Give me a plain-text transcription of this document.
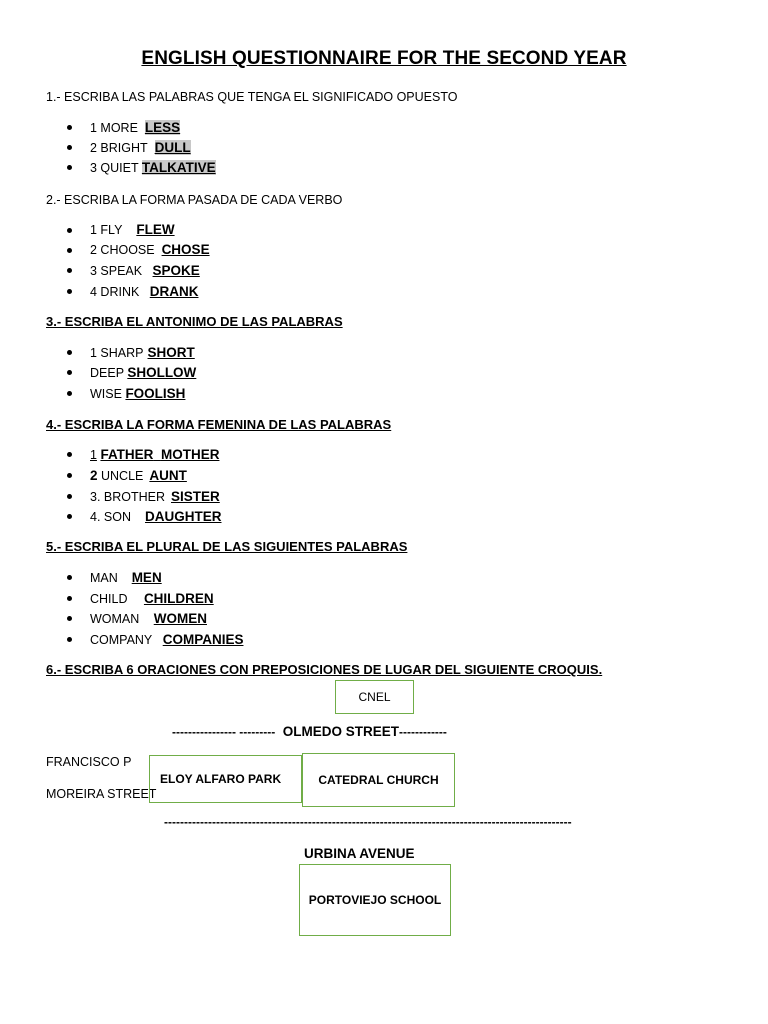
ENGLISH QUESTIONNAIRE FOR THE SECOND YEAR
1.- ESCRIBA LAS PALABRAS QUE TENGA EL SIGNIFICADO OPUESTO
1 MORE LESS
2 BRIGHT DULL
3 QUIET TALKATIVE
2.- ESCRIBA LA FORMA PASADA DE CADA VERBO
1 FLY FLEW
2 CHOOSE CHOSE
3 SPEAK SPOKE
4 DRINK DRANK
3.- ESCRIBA EL ANTONIMO DE LAS PALABRAS
1 SHARP SHORT
DEEP SHOLLOW
WISE FOOLISH
4.- ESCRIBA LA FORMA FEMENINA DE LAS PALABRAS
1 FATHER MOTHER
2 UNCLE AUNT
3. BROTHER SISTER
4. SON DAUGHTER
5.- ESCRIBA EL PLURAL DE LAS SIGUIENTES PALABRAS
MAN MEN
CHILD CHILDREN
WOMAN WOMEN
COMPANY COMPANIES
6.- ESCRIBA 6 ORACIONES CON PREPOSICIONES DE LUGAR DEL SIGUIENTE CROQUIS.
CNEL
---------------- --------- OLMEDO STREET------------
FRANCISCO P
MOREIRA STREET
ELOY ALFARO PARK	CATEDRAL CHURCH
------------------------------------------------------------------------------------------------------
URBINA AVENUE
PORTOVIEJO SCHOOL
